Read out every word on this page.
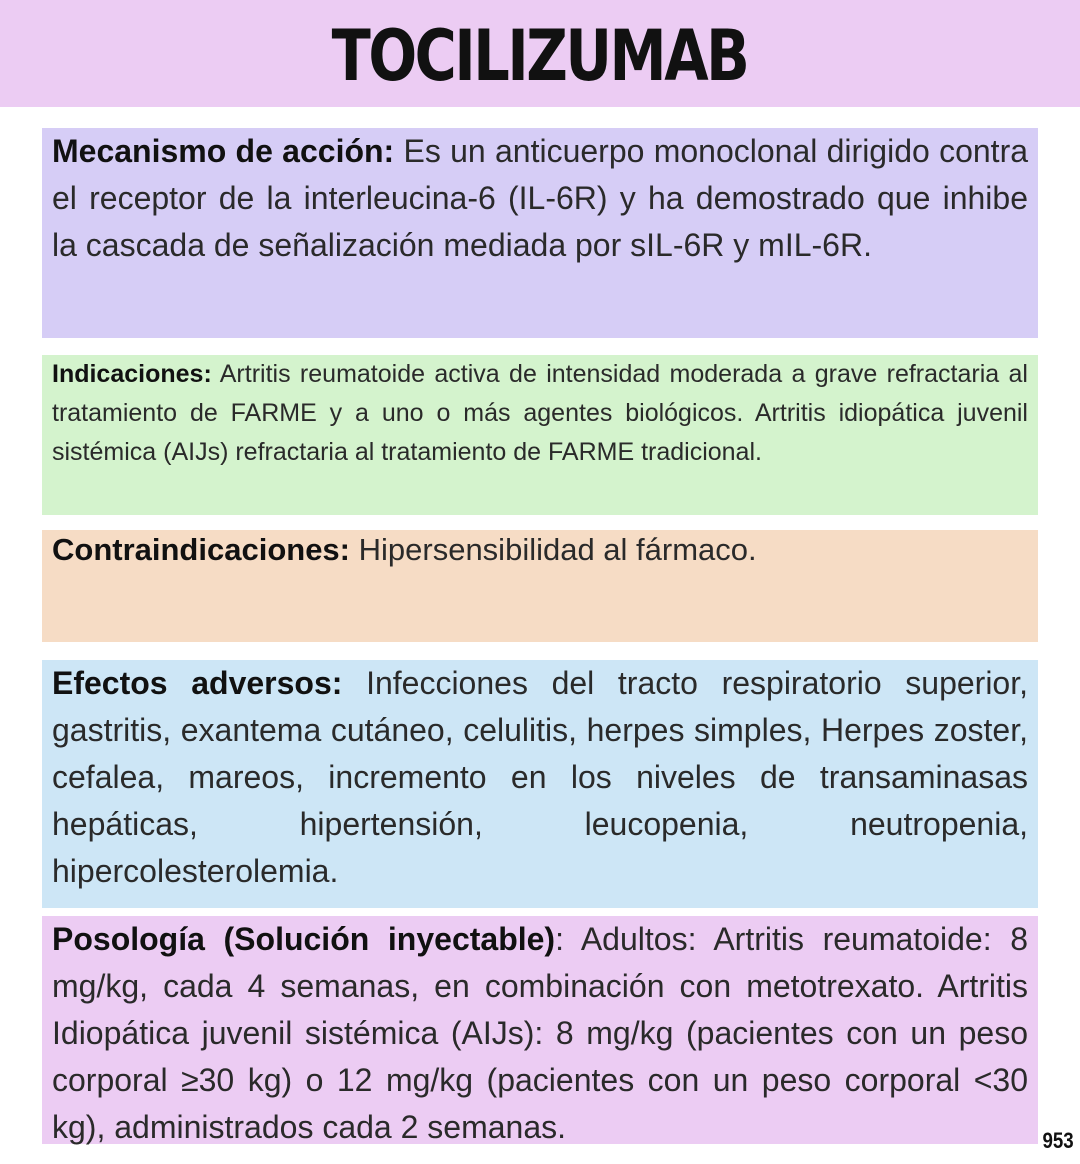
TOCILIZUMAB
Mecanismo de acción: Es un anticuerpo monoclonal dirigido contra el receptor de la interleucina-6 (IL-6R) y ha demostrado que inhibe la cascada de señalización mediada por sIL-6R y mIL-6R.
Indicaciones: Artritis reumatoide activa de intensidad moderada a grave refractaria al tratamiento de FARME y a uno o más agentes biológicos. Artritis idiopática juvenil sistémica (AIJs) refractaria al tratamiento de FARME tradicional.
Contraindicaciones: Hipersensibilidad al fármaco.
Efectos adversos: Infecciones del tracto respiratorio superior, gastritis, exantema cutáneo, celulitis, herpes simples, Herpes zoster, cefalea, mareos, incremento en los niveles de transaminasas hepáticas, hipertensión, leucopenia, neutropenia, hipercolesterolemia.
Posología (Solución inyectable): Adultos: Artritis reumatoide: 8 mg/kg, cada 4 semanas, en combinación con metotrexato. Artritis Idiopática juvenil sistémica (AIJs): 8 mg/kg (pacientes con un peso corporal ≥30 kg) o 12 mg/kg (pacientes con un peso corporal <30 kg), administrados cada 2 semanas.	953
